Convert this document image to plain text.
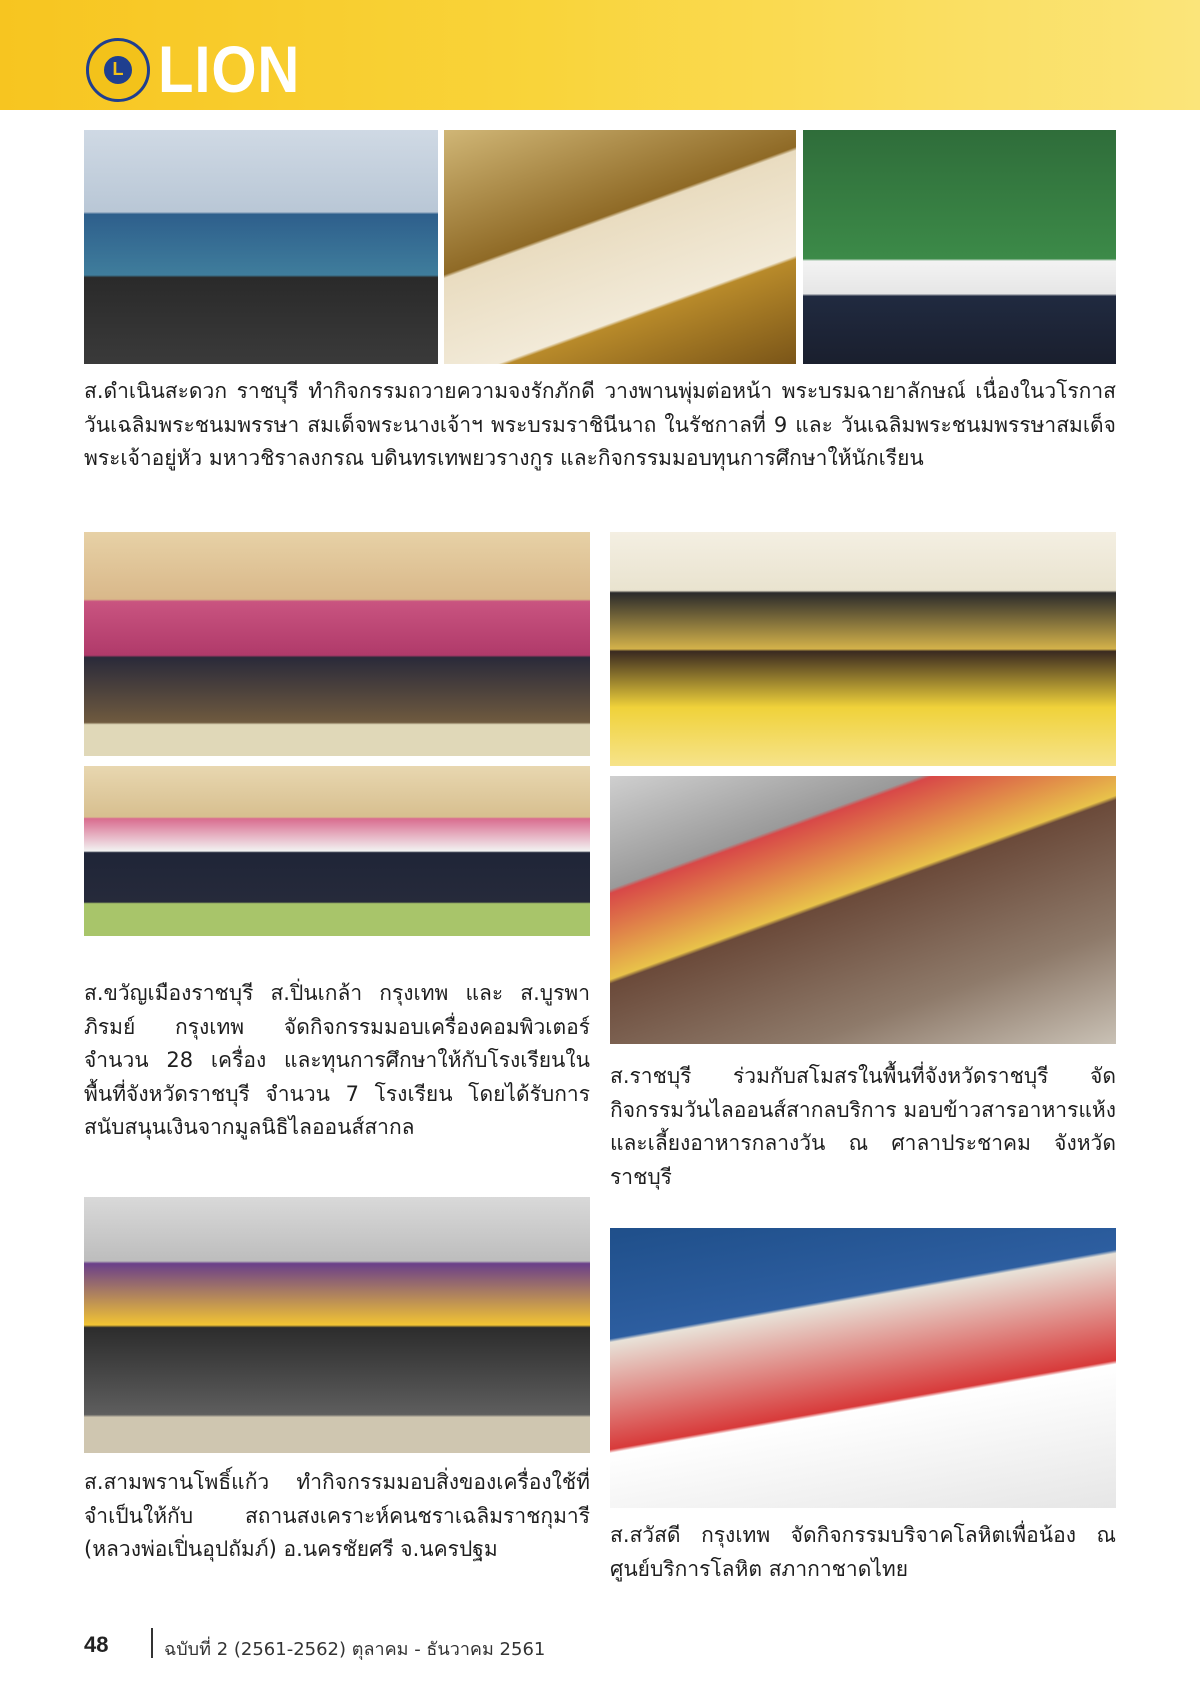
L LION

ส.ดำเนินสะดวก ราชบุรี ทำกิจกรรมถวายความจงรักภักดี วางพานพุ่มต่อหน้า พระบรมฉายาลักษณ์ เนื่องในวโรกาส วันเฉลิมพระชนมพรรษา สมเด็จพระนางเจ้าฯ พระบรมราชินีนาถ ในรัชกาลที่ 9 และ วันเฉลิมพระชนมพรรษาสมเด็จพระเจ้าอยู่หัว มหาวชิราลงกรณ บดินทรเทพยวรางกูร และกิจกรรมมอบทุนการศึกษาให้นักเรียน

ส.ขวัญเมืองราชบุรี ส.ปิ่นเกล้า กรุงเทพ และ ส.บูรพาภิรมย์ กรุงเทพ จัดกิจกรรมมอบเครื่องคอมพิวเตอร์ จำนวน 28 เครื่อง และทุนการศึกษาให้กับโรงเรียนในพื้นที่จังหวัดราชบุรี จำนวน 7 โรงเรียน โดยได้รับการสนับสนุนเงินจากมูลนิธิไลออนส์สากล

ส.สามพรานโพธิ์แก้ว ทำกิจกรรมมอบสิ่งของเครื่องใช้ที่จำเป็นให้กับ สถานสงเคราะห์คนชราเฉลิมราชกุมารี (หลวงพ่อเปิ่นอุปถัมภ์) อ.นครชัยศรี จ.นครปฐม

ส.ราชบุรี ร่วมกับสโมสรในพื้นที่จังหวัดราชบุรี จัดกิจกรรมวันไลออนส์สากลบริการ มอบข้าวสารอาหารแห้ง และเลี้ยงอาหารกลางวัน ณ ศาลาประชาคม จังหวัดราชบุรี

ส.สวัสดี กรุงเทพ จัดกิจกรรมบริจาคโลหิตเพื่อน้อง ณ ศูนย์บริการโลหิต สภากาชาดไทย

48	ฉบับที่ 2 (2561-2562) ตุลาคม - ธันวาคม 2561
